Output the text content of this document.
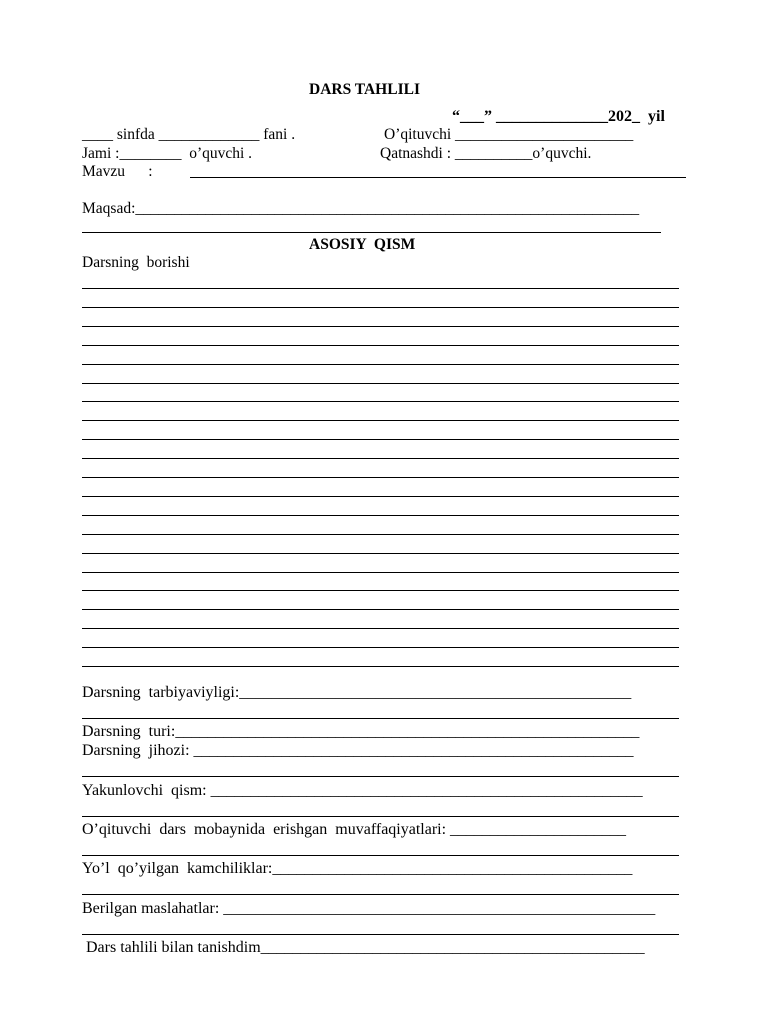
DARS TAHLILI
“___” ______________202_  yil
____ sinfda _____________ fani .	O’qituvchi _______________________
Jami :________  o’quvchi .	Qatnashdi : __________o’quvchi.
Mavzu      :
Maqsad:_________________________________________________________________
ASOSIY  QISM
Darsning  borishi
Darsning  tarbiyaviyligi:_________________________________________________
Darsning  turi:__________________________________________________________
Darsning  jihozi: _______________________________________________________
Yakunlovchi  qism: ______________________________________________________
O’qituvchi  dars  mobaynida  erishgan  muvaffaqiyatlari: ______________________
Yo’l  qo’yilgan  kamchiliklar:_____________________________________________
Berilgan maslahatlar: ______________________________________________________
Dars tahlili bilan tanishdim________________________________________________
